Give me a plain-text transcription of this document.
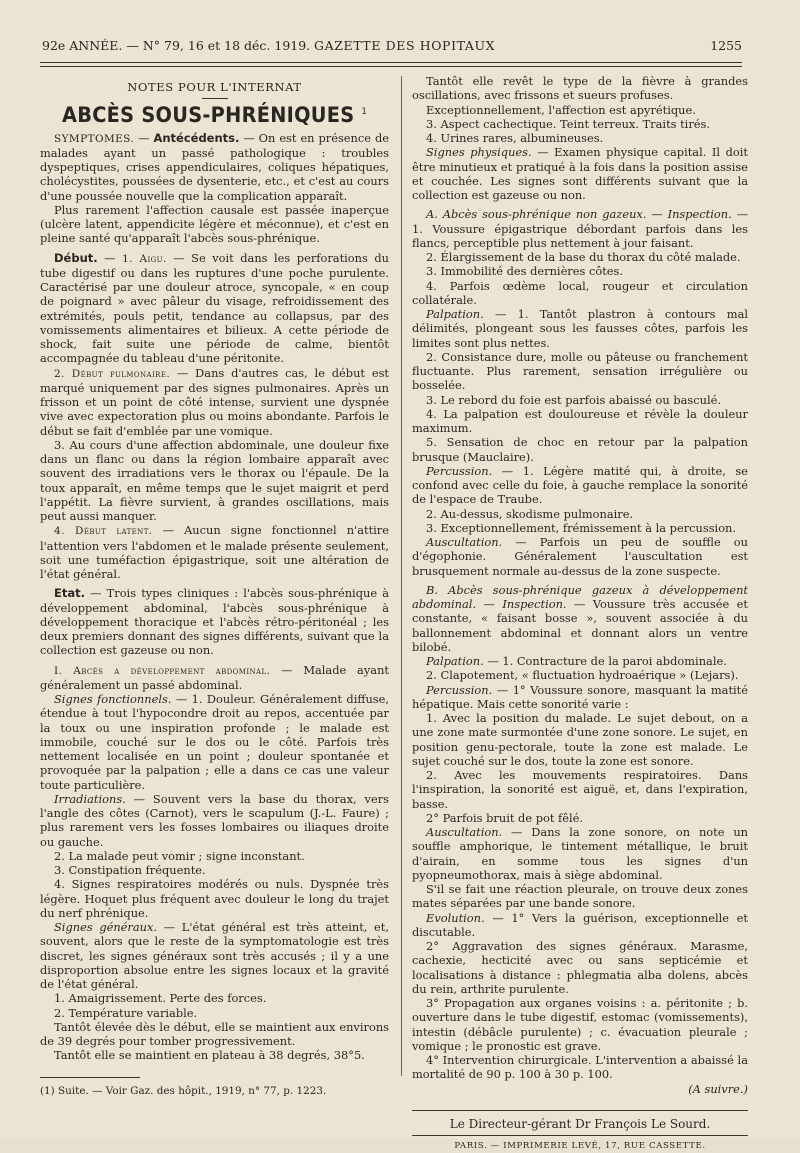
92e ANNÉE. — N° 79, 16 et 18 déc. 1919. GAZETTE DES HOPITAUX	1255
NOTES POUR L'INTERNAT
ABCÈS SOUS-PHRÉNIQUES $^1$

SYMPTOMES. — Antécédents. — On est en présence de malades ayant un passé pathologique : troubles dyspeptiques, crises appendiculaires, coliques hépatiques, cholécystites, poussées de dysenterie, etc., et c'est au cours d'une poussée nouvelle que la complication apparaît.

Plus rarement l'affection causale est passée inaperçue (ulcère latent, appendicite légère et méconnue), et c'est en pleine santé qu'apparaît l'abcès sous-phrénique.

Début. — 1. Aigu. — Se voit dans les perforations du tube digestif ou dans les ruptures d'une poche purulente. Caractérisé par une douleur atroce, syncopale, « en coup de poignard » avec pâleur du visage, refroidissement des extrémités, pouls petit, tendance au collapsus, par des vomissements alimentaires et bilieux. A cette période de shock, fait suite une période de calme, bientôt accompagnée du tableau d'une péritonite.

2. Début pulmonaire. — Dans d'autres cas, le début est marqué uniquement par des signes pulmonaires. Après un frisson et un point de côté intense, survient une dyspnée vive avec expectoration plus ou moins abondante. Parfois le début se fait d'emblée par une vomique.

3. Au cours d'une affection abdominale, une douleur fixe dans un flanc ou dans la région lombaire apparaît avec souvent des irradiations vers le thorax ou l'épaule. De la toux apparaît, en même temps que le sujet maigrit et perd l'appétit. La fièvre survient, à grandes oscillations, mais peut aussi manquer.

4. Début latent. — Aucun signe fonctionnel n'attire l'attention vers l'abdomen et le malade présente seulement, soit une tuméfaction épigastrique, soit une altération de l'état général.

Etat. — Trois types cliniques : l'abcès sous-phrénique à développement abdominal, l'abcès sous-phrénique à développement thoracique et l'abcès rétro-péritonéal ; les deux premiers donnant des signes différents, suivant que la collection est gazeuse ou non.

I. Abcès a développement abdominal. — Malade ayant généralement un passé abdominal.

Signes fonctionnels. — 1. Douleur. Généralement diffuse, étendue à tout l'hypocondre droit au repos, accentuée par la toux ou une inspiration profonde ; le malade est immobile, couché sur le dos ou le côté. Parfois très nettement localisée en un point ; douleur spontanée et provoquée par la palpation ; elle a dans ce cas une valeur toute particulière.

Irradiations. — Souvent vers la base du thorax, vers l'angle des côtes (Carnot), vers le scapulum (J.-L. Faure) ; plus rarement vers les fosses lombaires ou iliaques droite ou gauche.

2. La malade peut vomir ; signe inconstant.

3. Constipation fréquente.

4. Signes respiratoires modérés ou nuls. Dyspnée très légère. Hoquet plus fréquent avec douleur le long du trajet du nerf phrénique.

Signes généraux. — L'état général est très atteint, et, souvent, alors que le reste de la symptomatologie est très discret, les signes généraux sont très accusés ; il y a une disproportion absolue entre les signes locaux et la gravité de l'état général.

1. Amaigrissement. Perte des forces.

2. Température variable.

Tantôt élevée dès le début, elle se maintient aux environs de 39 degrés pour tomber progressivement.

Tantôt elle se maintient en plateau à 38 degrés, 38°5.

(1) Suite. — Voir Gaz. des hôpit., 1919, n° 77, p. 1223.

Tantôt elle revêt le type de la fièvre à grandes oscillations, avec frissons et sueurs profuses.

Exceptionnellement, l'affection est apyrétique.

3. Aspect cachectique. Teint terreux. Traits tirés.

4. Urines rares, albumineuses.

Signes physiques. — Examen physique capital. Il doit être minutieux et pratiqué à la fois dans la position assise et couchée. Les signes sont différents suivant que la collection est gazeuse ou non.

A. Abcès sous-phrénique non gazeux. — Inspection. — 1. Voussure épigastrique débordant parfois dans les flancs, perceptible plus nettement à jour faisant.

2. Élargissement de la base du thorax du côté malade.

3. Immobilité des dernières côtes.

4. Parfois œdème local, rougeur et circulation collatérale.

Palpation. — 1. Tantôt plastron à contours mal délimités, plongeant sous les fausses côtes, parfois les limites sont plus nettes.

2. Consistance dure, molle ou pâteuse ou franchement fluctuante. Plus rarement, sensation irrégulière ou bosselée.

3. Le rebord du foie est parfois abaissé ou basculé.

4. La palpation est douloureuse et révèle la douleur maximum.

5. Sensation de choc en retour par la palpation brusque (Mauclaire).

Percussion. — 1. Légère matité qui, à droite, se confond avec celle du foie, à gauche remplace la sonorité de l'espace de Traube.

2. Au-dessus, skodisme pulmonaire.

3. Exceptionnellement, frémissement à la percussion.

Auscultation. — Parfois un peu de souffle ou d'égophonie. Généralement l'auscultation est brusquement normale au-dessus de la zone suspecte.

B. Abcès sous-phrénique gazeux à développement abdominal. — Inspection. — Voussure très accusée et constante, « faisant bosse », souvent associée à du ballonnement abdominal et donnant alors un ventre bilobé.

Palpation. — 1. Contracture de la paroi abdominale.

2. Clapotement, « fluctuation hydroaérique » (Lejars).

Percussion. — 1° Voussure sonore, masquant la matité hépatique. Mais cette sonorité varie :

1. Avec la position du malade. Le sujet debout, on a une zone mate surmontée d'une zone sonore. Le sujet, en position genu-pectorale, toute la zone est malade. Le sujet couché sur le dos, toute la zone est sonore.

2. Avec les mouvements respiratoires. Dans l'inspiration, la sonorité est aiguë, et, dans l'expiration, basse.

2° Parfois bruit de pot fêlé.

Auscultation. — Dans la zone sonore, on note un souffle amphorique, le tintement métallique, le bruit d'airain, en somme tous les signes d'un pyopneumothorax, mais à siège abdominal.

S'il se fait une réaction pleurale, on trouve deux zones mates séparées par une bande sonore.

Evolution. — 1° Vers la guérison, exceptionnelle et discutable.

2° Aggravation des signes généraux. Marasme, cachexie, hecticité avec ou sans septicémie et localisations à distance : phlegmatia alba dolens, abcès du rein, arthrite purulente.

3° Propagation aux organes voisins : a. péritonite ; b. ouverture dans le tube digestif, estomac (vomissements), intestin (débâcle purulente) ; c. évacuation pleurale ; vomique ; le pronostic est grave.

4° Intervention chirurgicale. L'intervention a abaissé la mortalité de 90 p. 100 à 30 p. 100.

(A suivre.)

Le Directeur-gérant Dr François Le Sourd.
PARIS. — IMPRIMERIE LEVÉ, 17, RUE CASSETTE.
